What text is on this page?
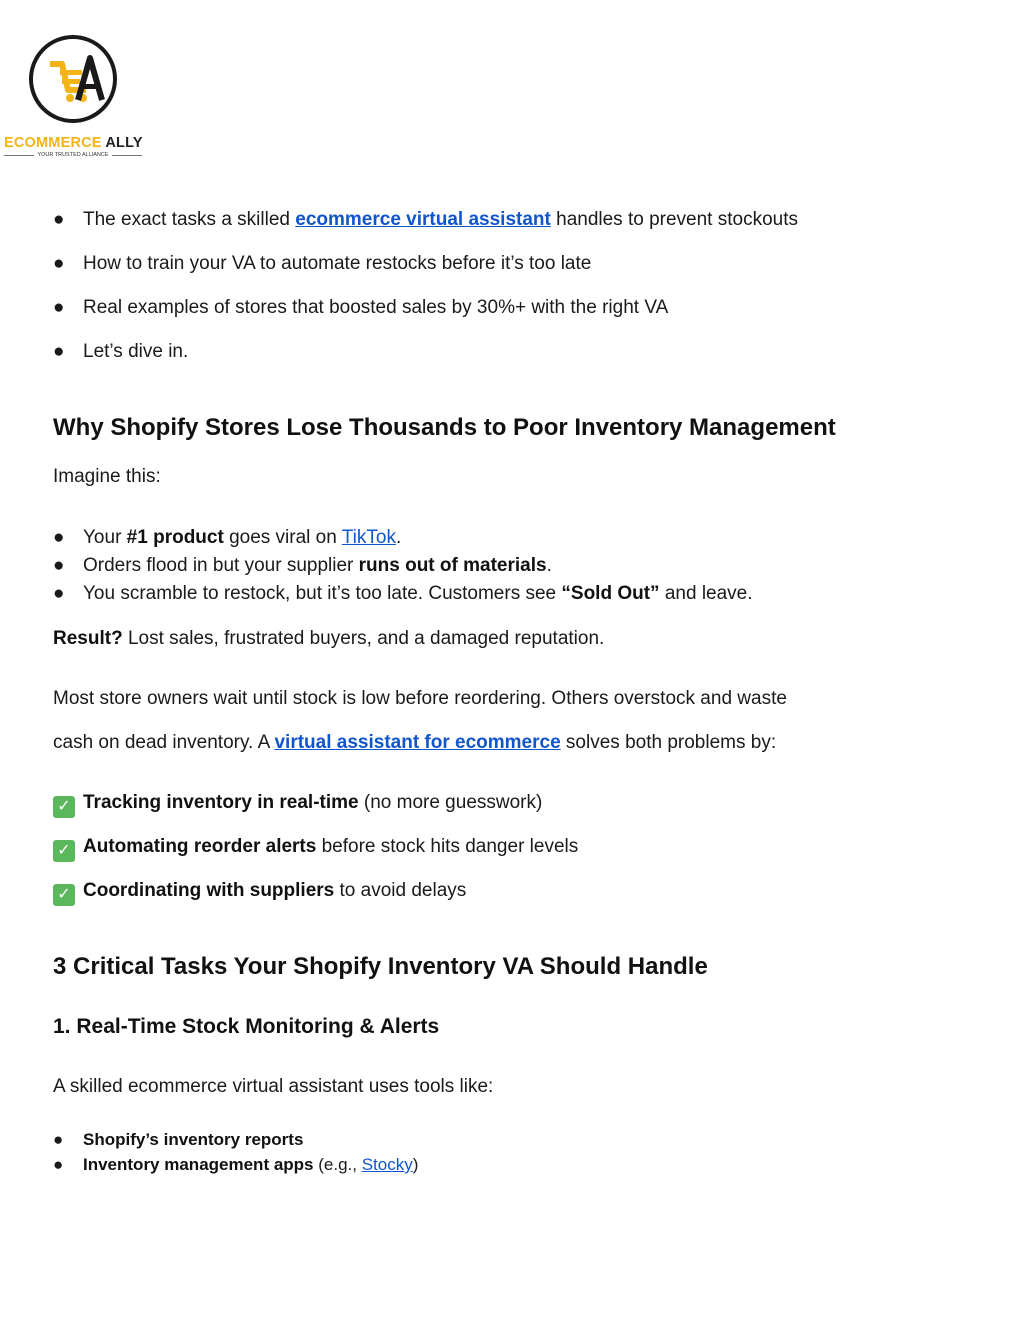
ECOMMERCE ALLY
YOUR TRUSTED ALLIANCE
● The exact tasks a skilled ecommerce virtual assistant handles to prevent stockouts
● How to train your VA to automate restocks before it’s too late
● Real examples of stores that boosted sales by 30%+ with the right VA
● Let’s dive in.
Why Shopify Stores Lose Thousands to Poor Inventory Management
Imagine this:
● Your #1 product goes viral on TikTok.
● Orders flood in but your supplier runs out of materials.
● You scramble to restock, but it’s too late. Customers see “Sold Out” and leave.
Result? Lost sales, frustrated buyers, and a damaged reputation.
Most store owners wait until stock is low before reordering. Others overstock and waste
cash on dead inventory. A virtual assistant for ecommerce solves both problems by:
✓ Tracking inventory in real-time (no more guesswork)
✓ Automating reorder alerts before stock hits danger levels
✓ Coordinating with suppliers to avoid delays
3 Critical Tasks Your Shopify Inventory VA Should Handle
1. Real-Time Stock Monitoring & Alerts
A skilled ecommerce virtual assistant uses tools like:
●	Shopify’s inventory reports
●	Inventory management apps (e.g., Stocky)
